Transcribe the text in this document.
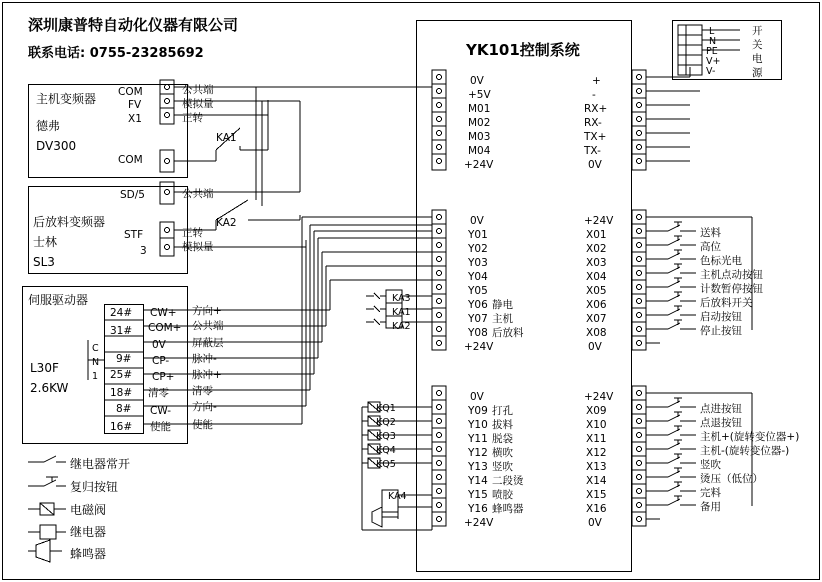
深圳康普特自动化仪器有限公司
联系电话: 0755-23285692	YK101控制系统
L
N
PE
V+
V-
开
关
电
源
主机变频器
德弗
DV300
COM
FV
X1
COM
公共端
模拟量
正转
KA1
后放料变频器
士林
SL3
SD/5
STF
3
公共端
正转
模拟量
KA2
伺服驱动器
L30F
2.6KW
C
N
1
24#
31#
9#
25#
18#
8#
16#
CW+
COM+
0V
CP-
CP+
清零
CW-
使能
方向+
公共端
屏蔽层
脉冲-
脉冲+
清零
方向-
使能
继电器常开
复归按钮
电磁阀
继电器
蜂鸣器
0V
+5V
M01
M02
M03
M04
+24V
+
-
RX+
RX-
TX+
TX-
0V
0V
Y01
Y02
Y03
Y04
Y05
Y06
Y07
Y08
+24V
静电
主机
后放料
+24V
X01
X02
X03
X04
X05
X06
X07
X08
0V
送料
高位
色标光电
主机点动按钮
计数暂停按钮
后放料开关
启动按钮
停止按钮
KA3
KA1
KA2
0V
Y09
Y10
Y11
Y12
Y13
Y14
Y15
Y16
+24V
打孔
拔料
脱袋
横吹
竖吹
二段烫
喷胶
蜂鸣器
+24V
X09
X10
X11
X12
X13
X14
X15
X16
0V
点进按钮
点退按钮
主机+(旋转变位器+)
主机-(旋转变位器-)
竖吹
烫压（低位）
完料
备用
KQ1
KQ2
KQ3
KQ4
KQ5
KA4
